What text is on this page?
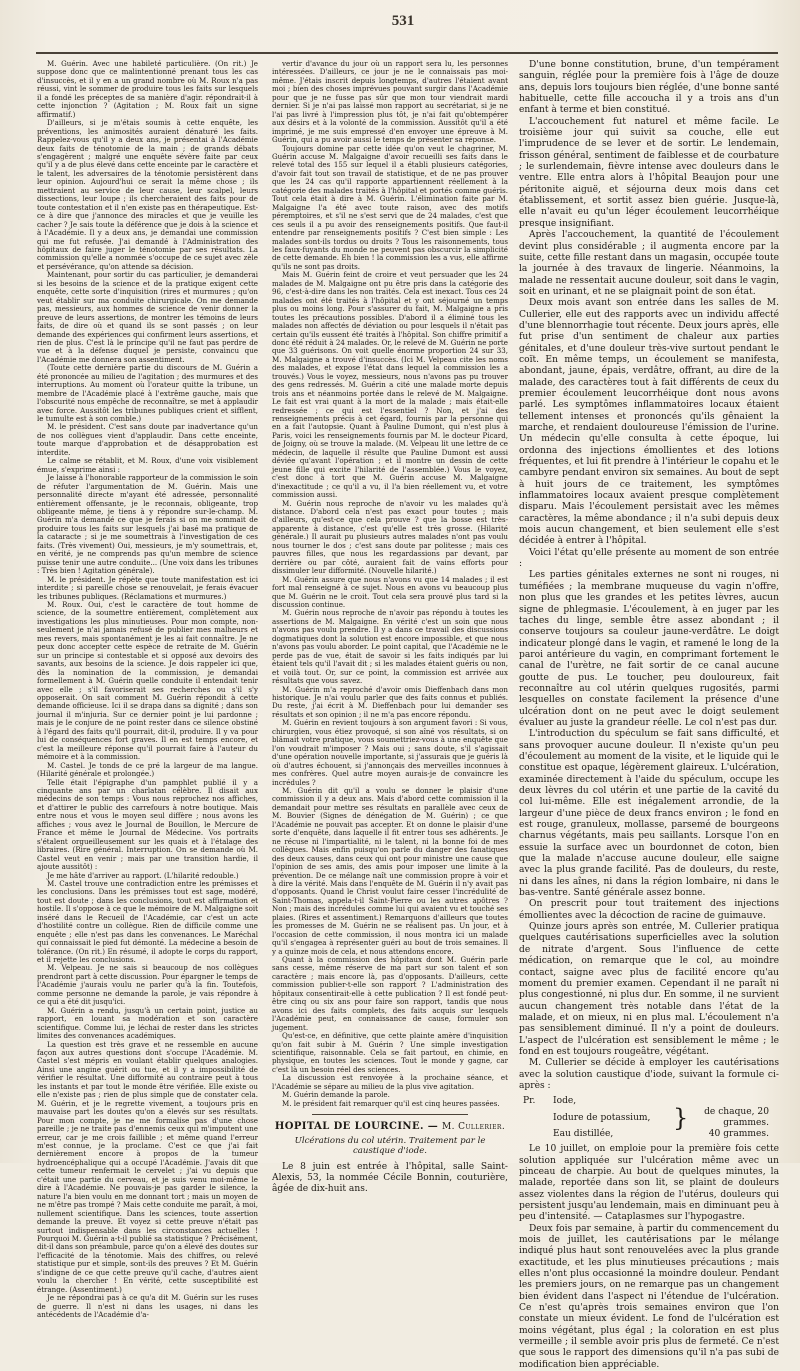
531

M. Guérin. Avec une habileté particulière. (On rit.) Je suppose donc que ce malintentionné prenant tous les cas d'insuccès, et il y en a un grand nombre où M. Roux n'a pas réussi, vint le sommer de produire tous les faits sur lesquels il a fondé les préceptes de sa manière d'agir. répondrait-il à cette injonction ? (Agitation ; M. Roux fait un signe affirmatif.)

D'ailleurs, si je m'étais soumis à cette enquête, les préventions, les animosités auraient dénaturé les faits. Rappelez-vous qu'il y a deux ans, je présentai à l'Académie deux faits de ténotomie de la main ; de grands débats s'engagèrent ; malgré une enquête sévère faite par ceux qu'il y a de plus élevé dans cette enceinte par le caractère et le talent, les adversaires de la ténotomie persistèrent dans leur opinion. Aujourd'hui ce serait la même chose ; ils mettraient au service de leur cause, leur scalpel, leurs dissections, leur loupe ; ils chercheraient des faits pour de toute contestation et il n'en existe pas en thérapeutique. Est-ce à dire que j'annonce des miracles et que je veuille les cacher ? Je sais toute la déférence que je dois à la science et à l'Académie. Il y a deux ans, je demandai une commission qui me fut refusée. J'ai demandé à l'Administration des hôpitaux de faire juger le ténotomie par ses résultats. La commission qu'elle a nommée s'occupe de ce sujet avec zèle et persévérance, qu'on attende sa décision.

Maintenant, pour sortir du cas particulier, je demanderai si les besoins de la science et de la pratique exigent cette enquête, cette sorte d'inquisition (rires et murmures ; qu'on veut établir sur ma conduite chirurgicale. On me demande pas, messieurs, aux hommes de science de venir donner la preuve de leurs assertions, de montrer les témoins de leurs faits, de dire où et quand ils se sont passés ; on leur demande des expériences qui confirment leurs assertions, et rien de plus. C'est là le principe qu'il ne faut pas perdre de vue et à la défense duquel je persiste, convaincu que l'Académie me donnera son assentiment.

(Toute cette dernière partie du discours de M. Guérin a été prononcée au milieu de l'agitation ; des murmures et des interruptions. Au moment où l'orateur quitte la tribune, un membre de l'Académie placé à l'extrême gauche, mais que l'obscurité nous empêche de reconnaître, se met à applaudir avec force. Aussitôt les tribunes publiques crient et sifflent, le tumulte est à son comble.)

M. le président. C'est sans doute par inadvertance qu'un de nos collègues vient d'applaudir. Dans cette enceinte, toute marque d'approbation et de désapprobation est interdite.

Le calme se rétablit, et M. Roux, d'une voix visiblement émue, s'exprime ainsi :

Je laisse à l'honorable rapporteur de la commission le soin de réfuter l'argumentation de M. Guérin. Mais une personnalité directe m'ayant été adressée, personnalité entièrement offensante, je le reconnais, obligeante, trop obligeante même, je tiens à y répondre sur-le-champ. M. Guérin m'a demandé ce que je ferais si on me sommait de produire tous les faits sur lesquels j'ai basé ma pratique de la cataracte ; si je me soumettrais à l'investigation de ces faits. (Très vivement) Oui, messieurs, je m'y soumettrais, et, en vérité, je ne comprends pas qu'un membre de science puisse tenir une autre conduite... (Une voix dans les tribunes : Très bien ! Agitation générale).

M. le président. Je répète que toute manifestation est ici interdite ; si pareille chose se renouvelait, je ferais évacuer les tribunes publiques. (Réclamations et murmures.)

M. Roux. Oui, c'est le caractère de tout homme de science, de la soumettre entièrement, complètement aux investigations les plus minutieuses. Pour mon compte, non-seulement je n'ai jamais refusé de publier mes malheurs et mes revers, mais spontanément je les ai fait connaître. Je ne peux donc accepter cette espèce de retraite de M. Guérin sur un principe si contestable et si opposé aux devoirs des savants, aux besoins de la science. Je dois rappeler ici que, dès la nomination de la commission, je demandai formellement à M. Guérin quelle conduite il entendait tenir avec elle ; s'il favoriserait ses recherches ou s'il s'y opposerait. On sait comment M. Guérin répondit à cette demande officieuse. Ici il se drapa dans sa dignité ; dans son journal il m'injuria. Sur ce dernier point je lui pardonne ; mais je le conjure de ne point rester dans ce silence obstiné à l'égard des faits qu'il pourrait, dit-il, produire. Il y va pour lui de conséquences fort graves. Il en est temps encore, et c'est la meilleure réponse qu'il pourrait faire à l'auteur du mémoire et à la commission.

M. Castel. Je tonds de ce pré la largeur de ma langue. (Hilarité générale et prolongée.)

Telle était l'épigraphe d'un pamphlet publié il y a cinquante ans par un charlatan célèbre. Il disait aux médecins de son temps : Vous nous reprochez nos affiches, et d'attirer le public des carrefours à notre boutique. Mais entre nous et vous le moyen seul diffère ; nous avons les affiches ; vous avez le Journal de Bouillon, le Mercure de France et même le Journal de Médecine. Vos portraits s'étalent orgueilleusement sur les quais et à l'étalage des libraires. (Rire général. Interruption. On se demande où M. Castel veut en venir ; mais par une transition hardie, il ajoute aussitôt) :

Je me hâte d'arriver au rapport. (L'hilarité redouble.)

M. Castel trouve une contradiction entre les prémisses et les conclusions. Dans les prémisses tout est sage, modéré, tout est doute ; dans les conclusions, tout est affirmation et hostile. Il s'oppose à ce que le mémoire de M. Malgaigne soit inséré dans le Recueil de l'Académie, car c'est un acte d'hostilité contre un collègue. Rien de difficile comme une enquête ; elle n'est pas dans les convenances. Le Maréchal qui connaissait le pied fut démonté. La médecine a besoin de tolérance. (On rit.) En résumé, il adopte le corps du rapport, et il rejette les conclusions.

M. Velpeau. Je ne sais si beaucoup de nos collègues prendront part à cette discussion. Pour épargner le temps de l'Académie j'aurais voulu ne parler qu'à la fin. Toutefois, comme personne ne demande la parole, je vais répondre à ce qui a été dit jusqu'ici.

M. Guérin a rendu, jusqu'à un certain point, justice au rapport, en louant sa modération et son caractère scientifique. Comme lui, je léchai de rester dans les strictes limites des convenances académiques.

La question est très grave et ne ressemble en aucune façon aux autres questions dont s'occupe l'Académie. M. Castel s'est mépris en voulant établir quelques analogies. Ainsi une angine guérit ou tue, et il y a impossibilité de vérifier le résultat. Une difformité au contraire peut à tous les instants et par tout le monde être vérifiée. Elle existe ou elle n'existe pas ; rien de plus simple que de constater cela. M. Guérin, et je le regrette vivement, a toujours pris en mauvaise part les doutes qu'on a élevés sur ses résultats. Pour mon compte, je ne me formalise pas d'une chose pareille ; je ne traite pas d'ennemis ceux qui m'imputent une erreur, car je me crois faillible ; et même quand l'erreur m'est connue, je la proclame. C'est ce que j'ai fait dernièrement encore à propos de la tumeur hydroencéphalique qui a occupé l'Académie. J'avais dit que cette tumeur renfermait le cervelet ; j'ai vu depuis que c'était une partie du cerveau, et je suis venu moi-même le dire à l'Académie. Ne pouvais-je pas garder le silence, la nature l'a bien voulu en me donnant tort ; mais un moyen de ne m'être pas trompé ? Mais cette conduite me paraît, à moi, nullement scientifique. Dans les sciences, toute assertion demande la preuve. Et voyez si cette preuve n'était pas surtout indispensable dans les circonstances actuelles ! Pourquoi M. Guérin a-t-il publié sa statistique ? Précisément, dit-il dans son préambule, parce qu'on a élevé des doutes sur l'efficacité de la ténotomie. Mais des chiffres, ou relevé statistique pur et simple, sont-ils des preuves ? Et M. Guérin s'indigne de ce que cette preuve qu'il cache, d'autres aient voulu la chercher ! En vérité, cette susceptibilité est étrange. (Assentiment.)

Je ne répondrai pas à ce qu'a dit M. Guérin sur les ruses de guerre. Il n'est ni dans les usages, ni dans les antécédents de l'Académie d'a-

vertir d'avance du jour où un rapport sera lu, les personnes intéressées. D'ailleurs, ce jour je ne le connaissais pas moi-même. J'étais inscrit depuis longtemps, d'autres l'étaient avant moi ; bien des choses imprévues pouvant surgir dans l'Académie pour que je ne fusse pas sûr que mon tour viendrait mardi dernier. Si je n'ai pas laissé mon rapport au secrétariat, si je ne l'ai pas livré à l'impression plus tôt, je n'ai fait qu'obtempérer aux désirs et à la volonté de la commission. Aussitôt qu'il a été imprimé, je me suis empressé d'en envoyer une épreuve à M. Guérin, qui a pu avoir aussi le temps de présenter sa réponse.

Toujours domine par cette idée qu'on veut le chagriner, M. Guérin accuse M. Malgaigne d'avoir recueilli ses faits dans le relevé total des 155 sur lequel il a établi plusieurs catégories, d'avoir fait tout son travail de statistique, et de ne pas prouver que les 24 cas qu'il rapporte appartiennent réellement à la catégorie des malades traités à l'hôpital et portés comme guéris. Tout cela était à dire à M. Guérin. L'élimination faite par M. Malgaigne l'a été avec toute raison, avec des motifs péremptoires, et s'il ne s'est servi que de 24 malades, c'est que ces seuls il a pu avoir des renseignements positifs. Que faut-il entendre par renseignements positifs ? C'est bien simple : Les malades sont-ils tordus ou droits ? Tous les raisonnements, tous les faux-fuyants du monde ne peuvent pas obscurcir la simplicité de cette demande. Eh bien ! la commission les a vus, elle affirme qu'ils ne sont pas droits.

Mais M. Guérin feint de croire et veut persuader que les 24 malades de M. Malgaigne ont pu être pris dans la catégorie des 96, c'est-à-dire dans les non traités. Cela est inexact. Tous ces 24 malades ont été traités à l'hôpital et y ont séjourné un temps plus ou moins long. Pour s'assurer du fait, M. Malgaigne a pris toutes les précautions possibles. D'abord il a éliminé tous les malades non affectés de déviation ou pour lesquels il n'était pas certain qu'ils eussent été traités à l'hôpital. Son chiffre primitif a donc été réduit à 24 malades. Or, le relevé de M. Guérin ne porte que 33 guérisons. On voit quelle énorme proportion 24 sur 33, M. Malgaigne a trouvé d'insuccès. (Ici M. Velpeau cite les noms des malades, et expose l'état dans lequel la commission les a trouvés.) Vous le voyez, messieurs, nous n'avons pas pu trouver des gens redressés. M. Guérin a cité une malade morte depuis trois ans et néanmoins portée dans le relevé de M. Malgaigne. Le fait est vrai quant à la mort de la malade ; mais était-elle redressée ; ce qui est l'essentiel ? Non, et j'ai des renseignements précis à cet égard, fournis par la personne qui en a fait l'autopsie. Quant à Pauline Dumont, qui n'est plus à Paris, voici les renseignements fournis par M. le docteur Picard, de Joigny, où se trouve la malade. (M. Velpeau lit une lettre de ce médecin, de laquelle il résulte que Pauline Dumont est aussi déviée qu'avant l'opération ; et il montre un dessin de cette jeune fille qui excite l'hilarité de l'assemblée.) Vous le voyez, c'est donc à tort que M. Guérin accuse M. Malgaigne d'inexactitude ; ce qu'il a vu, il l'a bien réellement vu, et votre commission aussi.

M. Guérin nous reproche de n'avoir vu les malades qu'à distance. D'abord cela n'est pas exact pour toutes ; mais d'ailleurs, qu'est-ce que cela prouve ? que la bosse est très-apparente à distance, c'est qu'elle est très grosse. (Hilarité générale.) Il aurait pu plusieurs autres malades n'ont pas voulu nous tourner le dos ; c'est sans doute par politesse ; mais ces pauvres filles, que nous les regardassions par devant, par derrière ou par côté, auraient fait de vains efforts pour dissimuler leur difformité. (Nouvelle hilarité.)

M. Guérin assure que nous n'avons vu que 14 malades ; il est fort mal renseigné à ce sujet. Nous en avons vu beaucoup plus que M. Guérin ne le croit. Tout cela sera prouvé plus tard si la discussion continue.

M. Guérin nous reproche de n'avoir pas répondu à toutes les assertions de M. Malgaigne. En vérité c'est un soin que nous n'avons pas voulu prendre. Il y a dans ce travail des discussions dogmatiques dont la solution est encore impossible, et que nous n'avons pas voulu aborder. Le point capital, que l'Académie ne le perde pas de vue, était de savoir si les faits indiqués par lui étaient tels qu'il l'avait dit ; si les malades étaient guéris ou non, et voilà tout. Or, sur ce point, la commission est arrivée aux résultats que vous savez.

M. Guérin m'a reproché d'avoir omis Dieffenbach dans mon historique. Je n'ai voulu parler que des faits connus et publiés. Du reste, j'ai écrit à M. Dieffenbach pour lui demander ses résultats et son opinion ; il ne m'a pas encore répondu.

M. Guérin en revient toujours à son argument favori : Si vous, chirurgien, vous étiez provoqué, si son aîné vos résultats, si on blâmait votre pratique, vous soumettriez-vous à une enquête que l'on voudrait m'imposer ? Mais oui ; sans doute, s'il s'agissait d'une opération nouvelle importante, si j'assurais que je guéris là où d'autres échouent, si j'annonçais des merveilles inconnues à mes confrères. Quel autre moyen aurais-je de convaincre les incrédules ?

M. Guérin dit qu'il a voulu se donner le plaisir d'une commission il y a deux ans. Mais d'abord cette commission il la demandait pour mettre ses résultats en parallèle avec ceux de M. Bouvier (Signes de dénégation de M. Guérin) ; ce que l'Académie ne pouvait pas accepter. Et on donne le plaisir d'une sorte d'enquête, dans laquelle il fit entrer tous ses adhérents. Je ne récuse ni l'impartialité, ni le talent, ni la bonne foi de mes collègues. Mais enfin puisqu'on parle du danger des fanatiques des deux causes, dans ceux qui ont pour ministre une cause que l'opinion de ses amis, des amis pour imposer une limite à la prévention. De ce mélange naît une commission propre à voir et à dire la vérité. Mais dans l'enquête de M. Guérin il n'y avait pas d'opposants. Quand le Christ voulut faire cesser l'incrédulité de Saint-Thomas, appela-t-il Saint-Pierre ou les autres apôtres ? Non ; mais des incrédules comme lui qui avaient vu et touché ses plaies. (Rires et assentiment.) Remarquons d'ailleurs que toutes les promesses de M. Guérin ne se réalisent pas. Un jour, et à l'occasion de cette commission, il nous montra ici un malade qu'il s'engagea à représenter guéri au bout de trois semaines. Il y a quinze mois de cela, et nous attendons encore.

Quant à la commission des hôpitaux dont M. Guérin parle sans cesse, même réserve de ma part sur son talent et son caractère ; mais encore là, pas d'opposants. D'ailleurs, cette commission publier-t-elle son rapport ? L'administration des hôpitaux consentirait-elle à cette publication ? Il est fondé peut-être cinq ou six ans pour faire son rapport, tandis que nous avons ici des faits complets, des faits acquis sur lesquels l'Académie peut, en connaissance de cause, formuler son jugement.

Qu'est-ce, en définitive, que cette plainte amère d'inquisition qu'on fait subir à M. Guérin ? Une simple investigation scientifique, raisonnable. Cela se fait partout, en chimie, en physique, en toutes les sciences. Tout le monde y gagne, car c'est là un besoin réel des sciences.

La discussion est renvoyée à la prochaine séance, et l'Académie se sépare au milieu de la plus vive agitation.

M. Guérin demande la parole.

M. le président fait remarquer qu'il est cinq heures passées.

HOPITAL DE LOURCINE. — M. Cullerier.
Ulcérations du col utérin. Traitement par le caustique d'iode.

Le 8 juin est entrée à l'hôpital, salle Saint-Alexis, 53, la nommée Cécile Bonnin, couturière, âgée de dix-huit ans.

D'une bonne constitution, brune, d'un tempérament sanguin, réglée pour la première fois à l'âge de douze ans, depuis lors toujours bien réglée, d'une bonne santé habituelle, cette fille accoucha il y a trois ans d'un enfant à terme et bien constitué.

L'accouchement fut naturel et même facile. Le troisième jour qui suivit sa couche, elle eut l'imprudence de se lever et de sortir. Le lendemain, frisson général, sentiment de faiblesse et de courbature ; le surlendemain, fièvre intense avec douleurs dans le ventre. Elle entra alors à l'hôpital Beaujon pour une péritonite aiguë, et séjourna deux mois dans cet établissement, et sortit assez bien guérie. Jusque-là, elle n'avait eu qu'un léger écoulement leucorrhéique presque insignifiant.

Après l'accouchement, la quantité de l'écoulement devint plus considérable ; il augmenta encore par la suite, cette fille restant dans un magasin, occupée toute la journée à des travaux de lingerie. Néanmoins, la malade ne ressentait aucune douleur, soit dans le vagin, soit en urinant, et ne se plaignait point de son état.

Deux mois avant son entrée dans les salles de M. Cullerier, elle eut des rapports avec un individu affecté d'une blennorrhagie tout récente. Deux jours après, elle fut prise d'un sentiment de chaleur aux parties génitales, et d'une douleur très-vive surtout pendant le coït. En même temps, un écoulement se manifesta, abondant, jaune, épais, verdâtre, offrant, au dire de la malade, des caractères tout à fait différents de ceux du premier écoulement leucorrhéique dont nous avons parlé. Les symptômes inflammatoires locaux étaient tellement intenses et prononcés qu'ils gênaient la marche, et rendaient douloureuse l'émission de l'urine. Un médecin qu'elle consulta à cette époque, lui ordonna des injections émollientes et des lotions fréquentes, et lui fit prendre à l'intérieur le copahu et le cambyre pendant environ six semaines. Au bout de sept à huit jours de ce traitement, les symptômes inflammatoires locaux avaient presque complètement disparu. Mais l'écoulement persistait avec les mêmes caractères, la même abondance ; il n'a subi depuis deux mois aucun changement, et bien seulement elle s'est décidée à entrer à l'hôpital.

Voici l'état qu'elle présente au moment de son entrée :

Les parties génitales externes ne sont ni rouges, ni tuméfiées ; la membrane muqueuse du vagin n'offre, non plus que les grandes et les petites lèvres, aucun signe de phlegmasie. L'écoulement, à en juger par les taches du linge, semble être assez abondant ; il conserve toujours sa couleur jaune-verdâtre. Le doigt indicateur plongé dans le vagin, et ramené le long de la paroi antérieure du vagin, en comprimant fortement le canal de l'urètre, ne fait sortir de ce canal aucune goutte de pus. Le toucher, peu douloureux, fait reconnaître au col utérin quelques rugosités, parmi lesquelles on constate facilement la présence d'une ulcération dont on ne peut avec le doigt seulement évaluer au juste la grandeur réelle. Le col n'est pas dur.

L'introduction du spéculum se fait sans difficulté, et sans provoquer aucune douleur. Il n'existe qu'un peu d'écoulement au moment de la visite, et le liquide qui le constitue est opaque, légèrement glaireux. L'ulcération, examinée directement à l'aide du spéculum, occupe les deux lèvres du col utérin et une partie de la cavité du col lui-même. Elle est inégalement arrondie, de la largeur d'une pièce de deux francs environ ; le fond en est rouge, granuleux, mollasse, parsemé de bourgeons charnus végétants, mais peu saillants. Lorsque l'on en essuie la surface avec un bourdonnet de coton, bien que la malade n'accuse aucune douleur, elle saigne avec la plus grande facilité. Pas de douleurs, du reste, ni dans les aînes, ni dans la région lombaire, ni dans le bas-ventre. Santé générale assez bonne.

On prescrit pour tout traitement des injections émollientes avec la décoction de racine de guimauve.

Quinze jours après son entrée, M. Cullerier pratiqua quelques cautérisations superficielles avec la solution de nitrate d'argent. Sous l'influence de cette médication, on remarque que le col, au moindre contact, saigne avec plus de facilité encore qu'au moment du premier examen. Cependant il ne paraît ni plus congestionné, ni plus dur. En somme, il ne survient aucun changement très notable dans l'état de la malade, et on mieux, ni en plus mal. L'écoulement n'a pas sensiblement diminué. Il n'y a point de douleurs. L'aspect de l'ulcération est sensiblement le même ; le fond en est toujours rougeâtre, végétant.

M. Cullerier se décide à employer les cautérisations avec la solution caustique d'iode, suivant la formule ci-après :

Pr.	Iode,
Iodure de potassium, }	de chaque, 20 grammes.
Eau distillée,	40 grammes.

Le 10 juillet, on emploie pour la première fois cette solution appliquée sur l'ulcération même avec un pinceau de charpie. Au bout de quelques minutes, la malade, reportée dans son lit, se plaint de douleurs assez violentes dans la région de l'utérus, douleurs qui persistent jusqu'au lendemain, mais en diminuant peu à peu d'intensité. — Cataplasmes sur l'hypogastre.

Deux fois par semaine, à partir du commencement du mois de juillet, les cautérisations par le mélange indiqué plus haut sont renouvelées avec la plus grande exactitude, et les plus minutieuses précautions ; mais elles n'ont plus occasionné la moindre douleur. Pendant les premiers jours, on ne remarque pas un changement bien évident dans l'aspect ni l'étendue de l'ulcération. Ce n'est qu'après trois semaines environ que l'on constate un mieux évident. Le fond de l'ulcération est moins végétant, plus égal ; la coloration en est plus vermeille ; il semble avoir pris plus de fermeté. Ce n'est que sous le rapport des dimensions qu'il n'a pas subi de modification bien appréciable.
